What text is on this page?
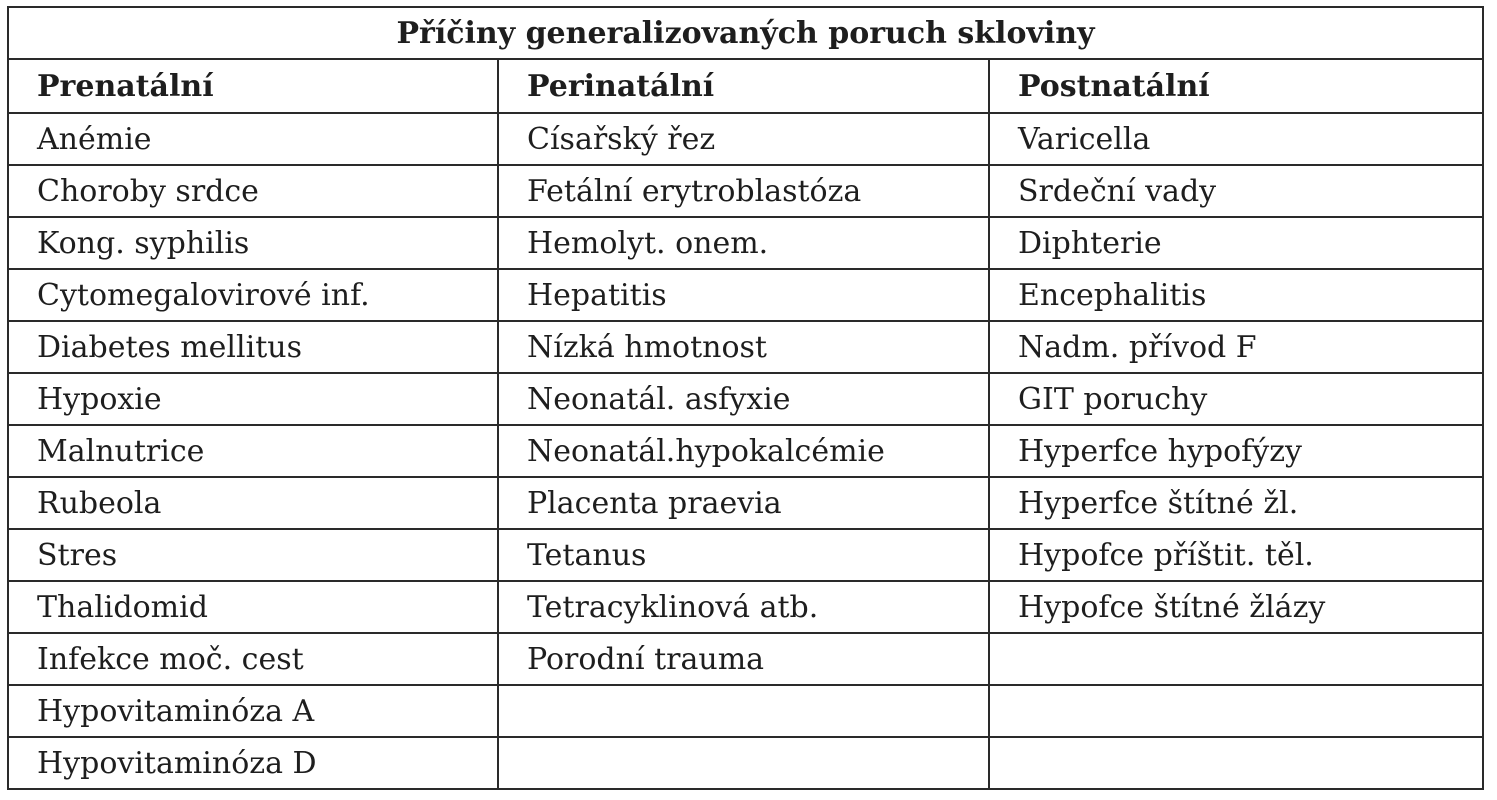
Příčiny generalizovaných poruch skloviny		
Prenatální	Perinatální	Postnatální
Anémie	Císařský řez	Varicella
Choroby srdce	Fetální erytroblastóza	Srdeční vady
Kong. syphilis	Hemolyt. onem.	Diphterie
Cytomegalovirové inf.	Hepatitis	Encephalitis
Diabetes mellitus	Nízká hmotnost	Nadm. přívod F
Hypoxie	Neonatál. asfyxie	GIT poruchy
Malnutrice	Neonatál.hypokalcémie	Hyperfce hypofýzy
Rubeola	Placenta praevia	Hyperfce štítné žl.
Stres	Tetanus	Hypofce příštit. těl.
Thalidomid	Tetracyklinová atb.	Hypofce štítné žlázy
Infekce moč. cest	Porodní trauma	
Hypovitaminóza A		
Hypovitaminóza D		
